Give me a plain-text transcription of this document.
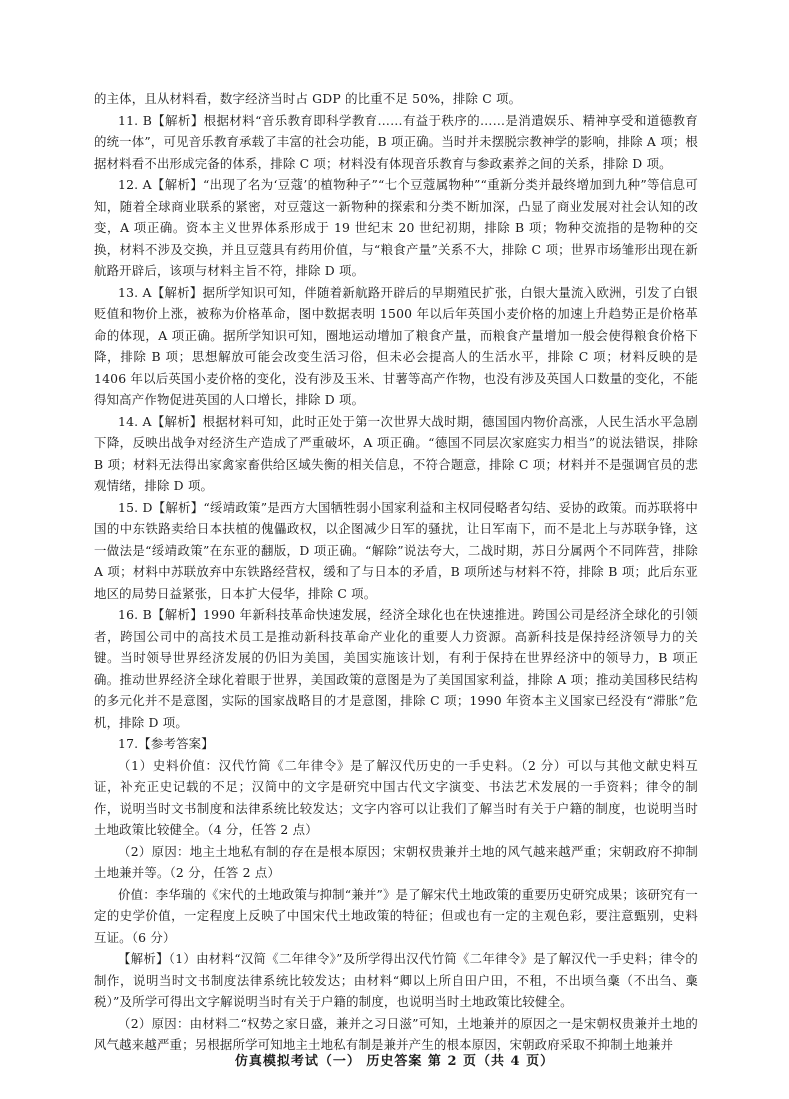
的主体，且从材料看，数字经济当时占 GDP 的比重不足 50%，排除 C 项。

11. B【解析】根据材料“音乐教育即科学教育……有益于秩序的……是消遣娱乐、精神享受和道德教育的统一体”，可见音乐教育承载了丰富的社会功能，B 项正确。当时并未摆脱宗教神学的影响，排除 A 项；根据材料看不出形成完备的体系，排除 C 项；材料没有体现音乐教育与参政素养之间的关系，排除 D 项。

12. A【解析】“出现了名为‘豆蔻’的植物种子”“七个豆蔻属物种”“重新分类并最终增加到九种”等信息可知，随着全球商业联系的紧密，对豆蔻这一新物种的探索和分类不断加深，凸显了商业发展对社会认知的改变，A 项正确。资本主义世界体系形成于 19 世纪末 20 世纪初期，排除 B 项；物种交流指的是物种的交换，材料不涉及交换，并且豆蔻具有药用价值，与“粮食产量”关系不大，排除 C 项；世界市场雏形出现在新航路开辟后，该项与材料主旨不符，排除 D 项。

13. A【解析】据所学知识可知，伴随着新航路开辟后的早期殖民扩张，白银大量流入欧洲，引发了白银贬值和物价上涨，被称为价格革命，图中数据表明 1500 年以后年英国小麦价格的加速上升趋势正是价格革命的体现，A 项正确。据所学知识可知，圈地运动增加了粮食产量，而粮食产量增加一般会使得粮食价格下降，排除 B 项；思想解放可能会改变生活习俗，但未必会提高人的生活水平，排除 C 项；材料反映的是 1406 年以后英国小麦价格的变化，没有涉及玉米、甘薯等高产作物，也没有涉及英国人口数量的变化，不能得知高产作物促进英国的人口增长，排除 D 项。

14. A【解析】根据材料可知，此时正处于第一次世界大战时期，德国国内物价高涨，人民生活水平急剧下降，反映出战争对经济生产造成了严重破坏，A 项正确。“德国不同层次家庭实力相当”的说法错误，排除 B 项；材料无法得出家禽家畜供给区域失衡的相关信息，不符合题意，排除 C 项；材料并不是强调官员的悲观情绪，排除 D 项。

15. D【解析】“绥靖政策”是西方大国牺牲弱小国家利益和主权同侵略者勾结、妥协的政策。而苏联将中国的中东铁路卖给日本扶植的傀儡政权，以企图减少日军的骚扰，让日军南下，而不是北上与苏联争锋，这一做法是“绥靖政策”在东亚的翻版，D 项正确。“解除”说法夸大，二战时期，苏日分属两个不同阵营，排除 A 项；材料中苏联放弃中东铁路经营权，缓和了与日本的矛盾，B 项所述与材料不符，排除 B 项；此后东亚地区的局势日益紧张，日本扩大侵华，排除 C 项。

16. B【解析】1990 年新科技革命快速发展，经济全球化也在快速推进。跨国公司是经济全球化的引领者，跨国公司中的高技术员工是推动新科技革命产业化的重要人力资源。高新科技是保持经济领导力的关键。当时领导世界经济发展的仍旧为美国，美国实施该计划，有利于保持在世界经济中的领导力，B 项正确。推动世界经济全球化着眼于世界，美国政策的意图是为了美国国家利益，排除 A 项；推动美国移民结构的多元化并不是意图，实际的国家战略目的才是意图，排除 C 项；1990 年资本主义国家已经没有“滞胀”危机，排除 D 项。

17.【参考答案】

（1）史料价值：汉代竹简《二年律令》是了解汉代历史的一手史料。（2 分）可以与其他文献史料互证，补充正史记载的不足；汉简中的文字是研究中国古代文字演变、书法艺术发展的一手资料；律令的制作，说明当时文书制度和法律系统比较发达；文字内容可以让我们了解当时有关于户籍的制度，也说明当时土地政策比较健全。（4 分，任答 2 点）

（2）原因：地主土地私有制的存在是根本原因；宋朝权贵兼并土地的风气越来越严重；宋朝政府不抑制土地兼并等。（2 分，任答 2 点）

价值：李华瑞的《宋代的土地政策与抑制“兼并”》是了解宋代土地政策的重要历史研究成果；该研究有一定的史学价值，一定程度上反映了中国宋代土地政策的特征；但或也有一定的主观色彩，要注意甄别，史料互证。（6 分）

【解析】（1）由材料“汉简《二年律令》”及所学得出汉代竹简《二年律令》是了解汉代一手史料；律令的制作，说明当时文书制度法律系统比较发达；由材料“卿以上所自田户田，不租，不出顷刍稾（不出刍、稾税）”及所学可得出文字解说明当时有关于户籍的制度，也说明当时土地政策比较健全。

（2）原因：由材料二“权势之家日盛，兼并之习日滋”可知，土地兼并的原因之一是宋朝权贵兼并土地的风气越来越严重；另根据所学可知地主土地私有制是兼并产生的根本原因，宋朝政府采取不抑制土地兼并

仿真模拟考试（一） 历史答案 第 2 页（共 4 页）
